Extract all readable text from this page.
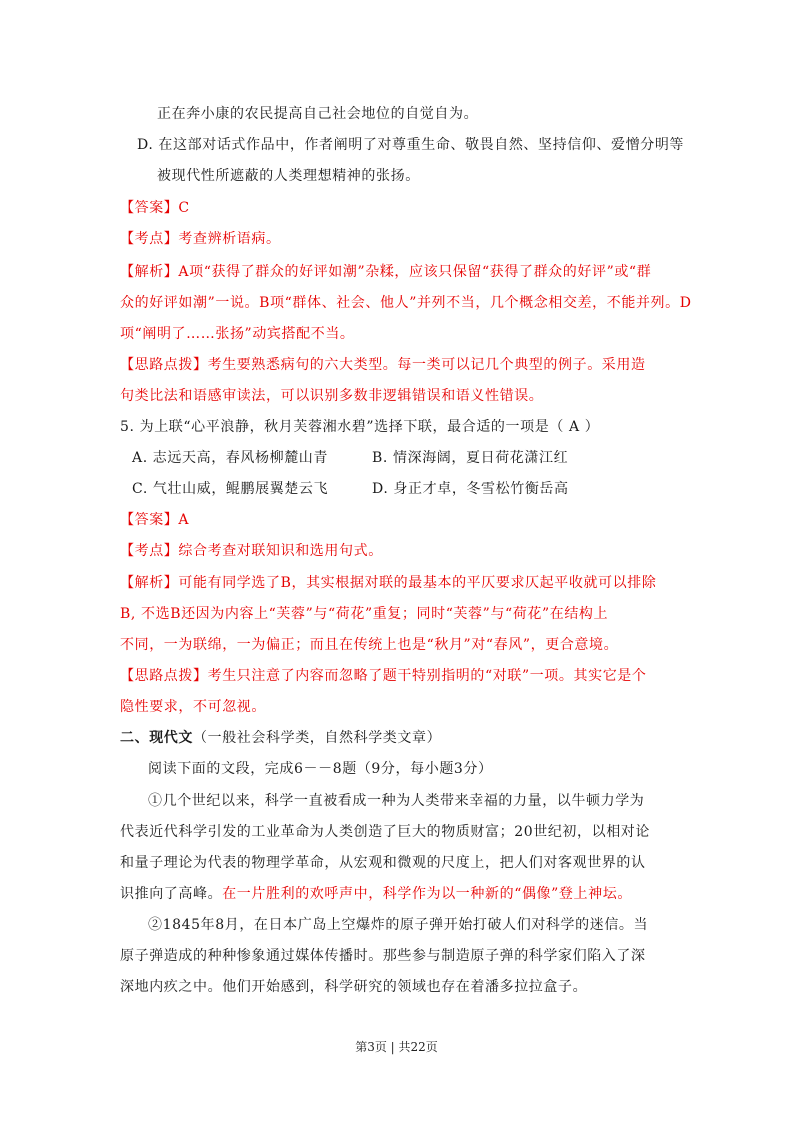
正在奔小康的农民提高自己社会地位的自觉自为。
D. 在这部对话式作品中，作者阐明了对尊重生命、敬畏自然、坚持信仰、爱憎分明等
被现代性所遮蔽的人类理想精神的张扬。
【答案】C
【考点】考查辨析语病。
【解析】A项“获得了群众的好评如潮”杂糅，应该只保留“获得了群众的好评”或“群
众的好评如潮”一说。B项“群体、社会、他人”并列不当，几个概念相交差，不能并列。D
项“阐明了……张扬”动宾搭配不当。
【思路点拨】考生要熟悉病句的六大类型。每一类可以记几个典型的例子。采用造
句类比法和语感审读法，可以识别多数非逻辑错误和语义性错误。
5. 为上联“心平浪静，秋月芙蓉湘水碧”选择下联，最合适的一项是（ A ）
A. 志远天高，春风杨柳麓山青	B. 情深海阔，夏日荷花潇江红
C. 气壮山威，鲲鹏展翼楚云飞	D. 身正才卓，冬雪松竹衡岳高
【答案】A
【考点】综合考查对联知识和选用句式。
【解析】可能有同学选了B，其实根据对联的最基本的平仄要求仄起平收就可以排除
B, 不选B还因为内容上“芙蓉”与“荷花”重复；同时“芙蓉”与“荷花”在结构上
不同，一为联绵，一为偏正；而且在传统上也是“秋月”对“春风”，更合意境。
【思路点拨】考生只注意了内容而忽略了题干特别指明的“对联”一项。其实它是个
隐性要求，不可忽视。
二、现代文（一般社会科学类，自然科学类文章）
阅读下面的文段，完成6－－8题（9分，每小题3分）
①几个世纪以来，科学一直被看成一种为人类带来幸福的力量，以牛顿力学为
代表近代科学引发的工业革命为人类创造了巨大的物质财富；20世纪初，以相对论
和量子理论为代表的物理学革命，从宏观和微观的尺度上，把人们对客观世界的认
识推向了高峰。在一片胜利的欢呼声中，科学作为以一种新的“偶像”登上神坛。
②1845年8月，在日本广岛上空爆炸的原子弹开始打破人们对科学的迷信。当
原子弹造成的种种惨象通过媒体传播时。那些参与制造原子弹的科学家们陷入了深
深地内疚之中。他们开始感到，科学研究的领域也存在着潘多拉拉盒子。
第3页 | 共22页
